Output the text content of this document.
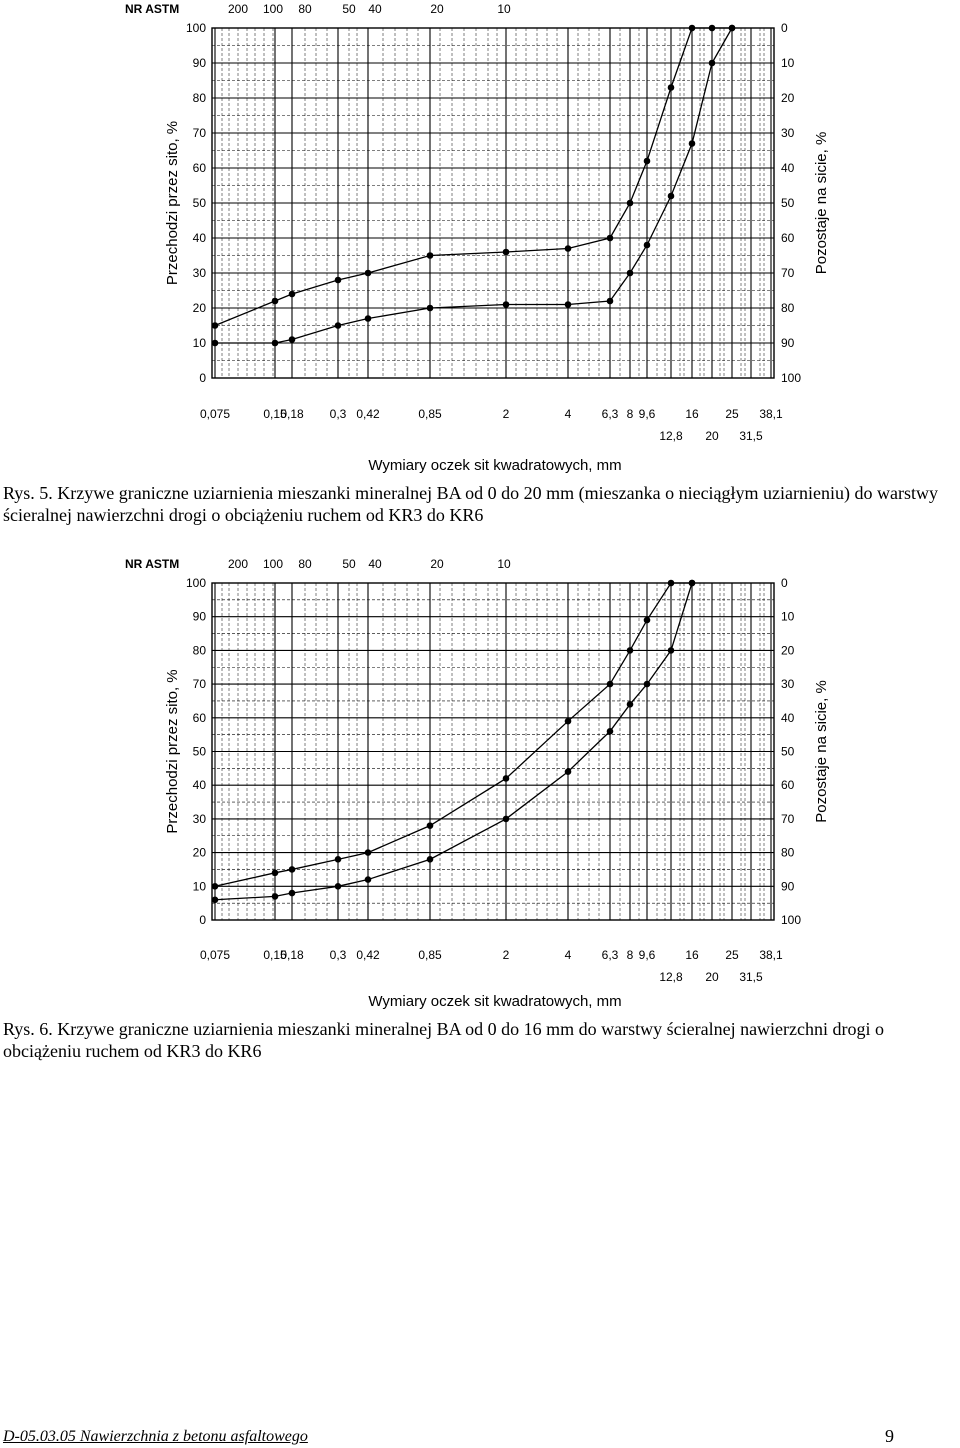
NR ASTM	200 100 80	50 40	20	10
0
10
20
30
40
50
60
70
80
90
100
100
90
80
70
60
50
40
30
20
10
0
Przechodzi przez sito, %	Pozostaje na sicie, %
0,075	0,15
0,18 0,3 0,42	0,85	2	4	6,3 8 9,6 16 25 38,1
12,8 20 31,5
Wymiary oczek sit kwadratowych, mm
Rys. 5. Krzywe graniczne uziarnienia mieszanki mineralnej BA od 0 do 20 mm (mieszanka o nieciągłym uziarnieniu) do warstwy ścieralnej nawierzchni drogi o obciążeniu ruchem od KR3 do KR6
NR ASTM	200 100 80	50 40	20	10
0
10
20
30
40
50
60
70
80
90
100
100
90
80
70
60
50
40
30
20
10
0
Przechodzi przez sito, %	Pozostaje na sicie, %
0,075	0,15
0,18 0,3 0,42	0,85	2	4	6,3 8 9,6 16 25 38,1
12,8 20 31,5
Wymiary oczek sit kwadratowych, mm
Rys. 6. Krzywe graniczne uziarnienia mieszanki mineralnej BA od 0 do 16 mm do warstwy ścieralnej nawierzchni drogi o obciążeniu ruchem od KR3 do KR6
D-05.03.05 Nawierzchnia z betonu asfaltowego	9
